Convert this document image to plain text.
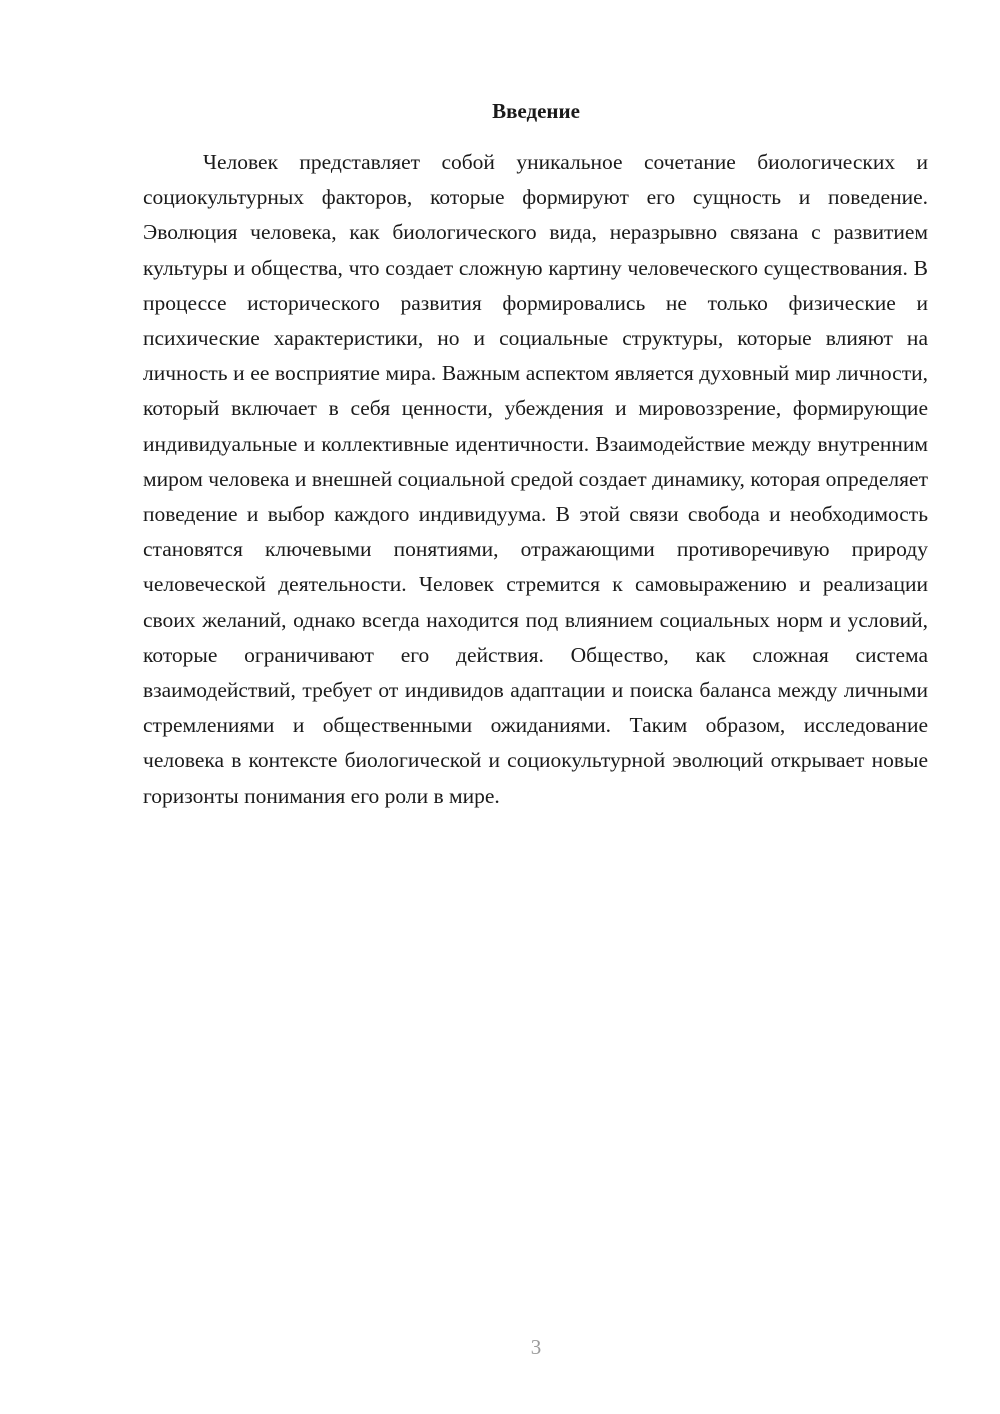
Введение

Человек представляет собой уникальное сочетание биологических и социокультурных факторов, которые формируют его сущность и поведение. Эволюция человека, как биологического вида, неразрывно связана с развитием культуры и общества, что создает сложную картину человеческого существования. В процессе исторического развития формировались не только физические и психические характеристики, но и социальные структуры, которые влияют на личность и ее восприятие мира. Важным аспектом является духовный мир личности, который включает в себя ценности, убеждения и мировоззрение, формирующие индивидуальные и коллективные идентичности. Взаимодействие между внутренним миром человека и внешней социальной средой создает динамику, которая определяет поведение и выбор каждого индивидуума. В этой связи свобода и необходимость становятся ключевыми понятиями, отражающими противоречивую природу человеческой деятельности. Человек стремится к самовыражению и реализации своих желаний, однако всегда находится под влиянием социальных норм и условий, которые ограничивают его действия. Общество, как сложная система взаимодействий, требует от индивидов адаптации и поиска баланса между личными стремлениями и общественными ожиданиями. Таким образом, исследование человека в контексте биологической и социокультурной эволюций открывает новые горизонты понимания его роли в мире.

3
